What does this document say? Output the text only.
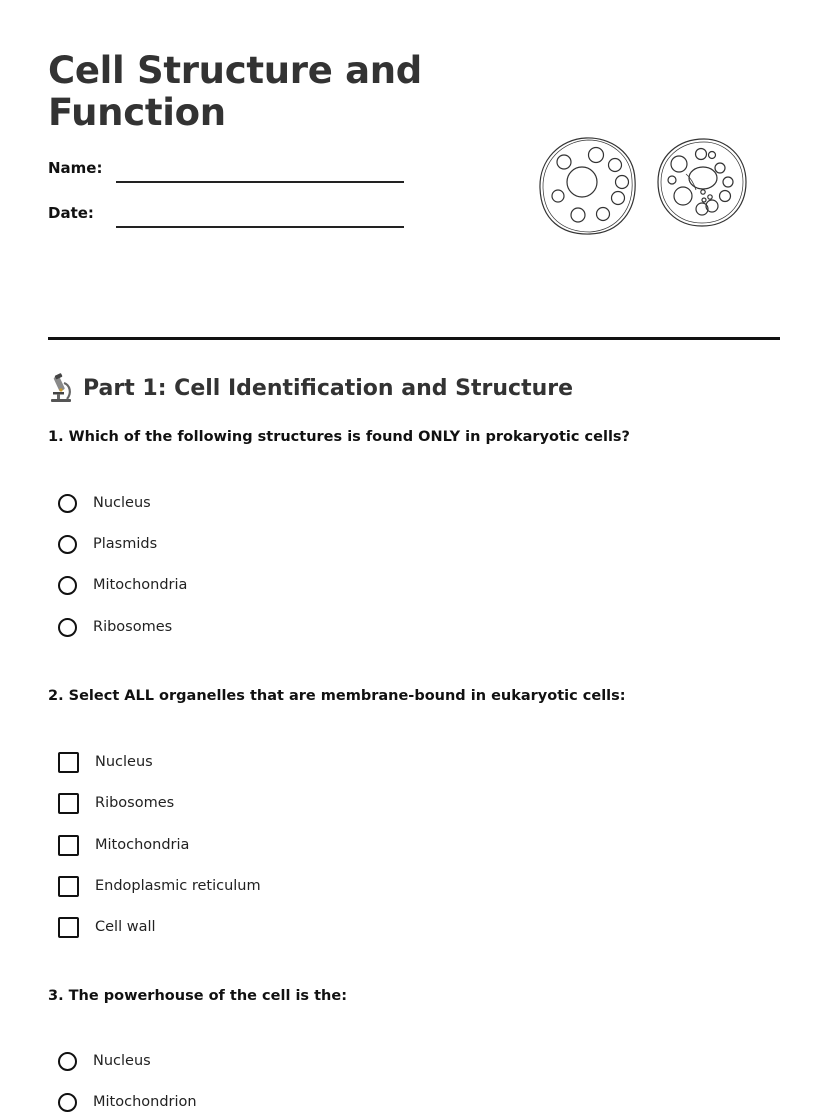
Cell Structure and
Function
Name:
Date:
Part 1: Cell Identification and Structure

1. Which of the following structures is found ONLY in prokaryotic cells?

Nucleus
Plasmids
Mitochondria
Ribosomes

2. Select ALL organelles that are membrane-bound in eukaryotic cells:

Nucleus
Ribosomes
Mitochondria
Endoplasmic reticulum
Cell wall

3. The powerhouse of the cell is the:

Nucleus
Mitochondrion
